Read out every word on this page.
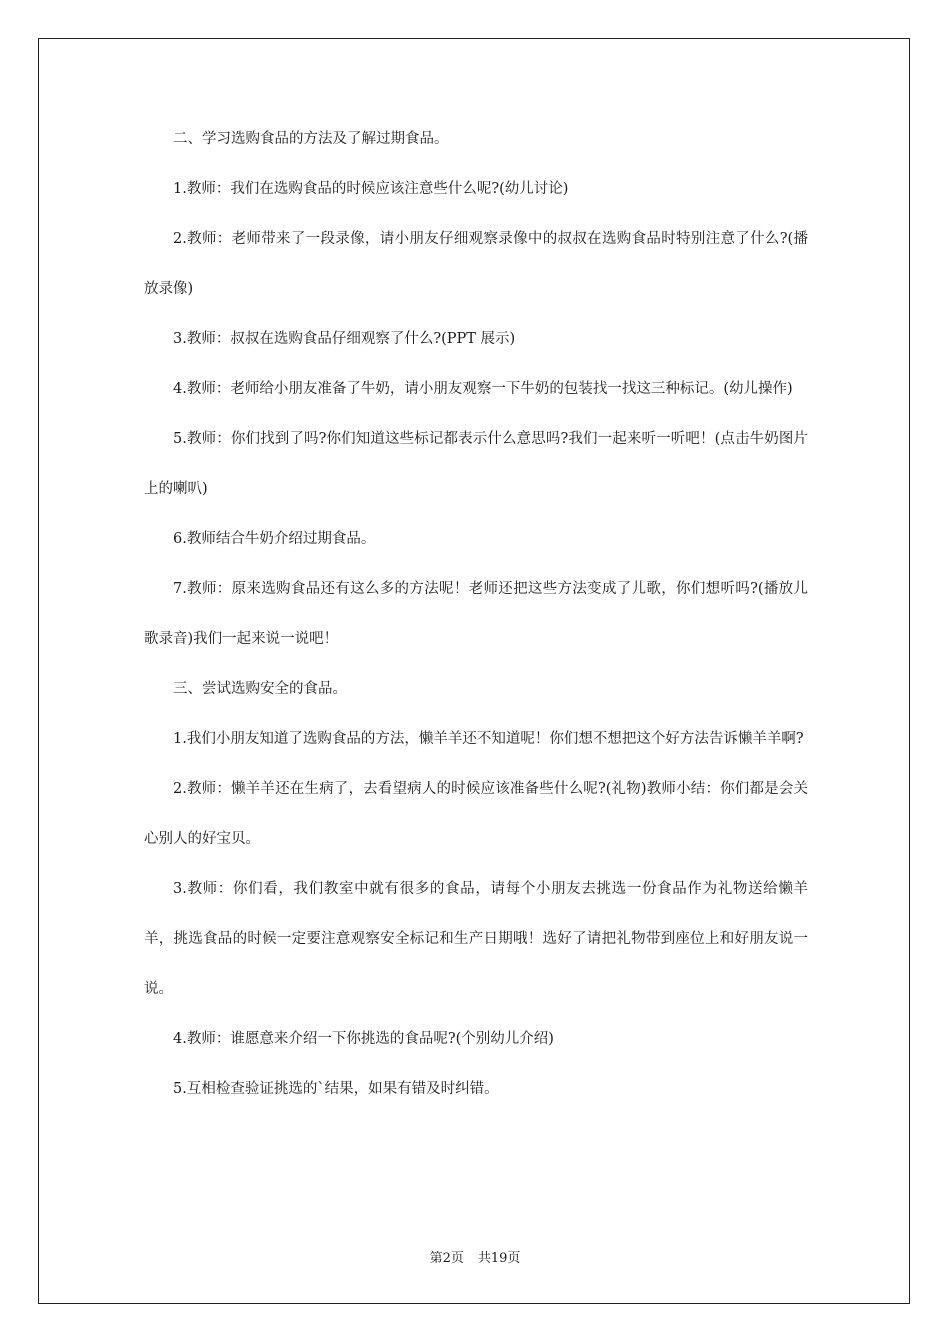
二、学习选购食品的方法及了解过期食品。

1.教师：我们在选购食品的时候应该注意些什么呢?(幼儿讨论)

2.教师：老师带来了一段录像，请小朋友仔细观察录像中的叔叔在选购食品时特别注意了什么?(播放录像)

3.教师：叔叔在选购食品仔细观察了什么?(PPT 展示)

4.教师：老师给小朋友准备了牛奶，请小朋友观察一下牛奶的包装找一找这三种标记。(幼儿操作)

5.教师：你们找到了吗?你们知道这些标记都表示什么意思吗?我们一起来听一听吧！(点击牛奶图片上的喇叭)

6.教师结合牛奶介绍过期食品。

7.教师：原来选购食品还有这么多的方法呢！老师还把这些方法变成了儿歌，你们想听吗?(播放儿歌录音)我们一起来说一说吧！

三、尝试选购安全的食品。

1.我们小朋友知道了选购食品的方法，懒羊羊还不知道呢！你们想不想把这个好方法告诉懒羊羊啊?

2.教师：懒羊羊还在生病了，去看望病人的时候应该准备些什么呢?(礼物)教师小结：你们都是会关心别人的好宝贝。

3.教师：你们看，我们教室中就有很多的食品，请每个小朋友去挑选一份食品作为礼物送给懒羊羊，挑选食品的时候一定要注意观察安全标记和生产日期哦！选好了请把礼物带到座位上和好朋友说一说。

4.教师：谁愿意来介绍一下你挑选的食品呢?(个别幼儿介绍)

5.互相检查验证挑选的`结果，如果有错及时纠错。

第2页 共19页
